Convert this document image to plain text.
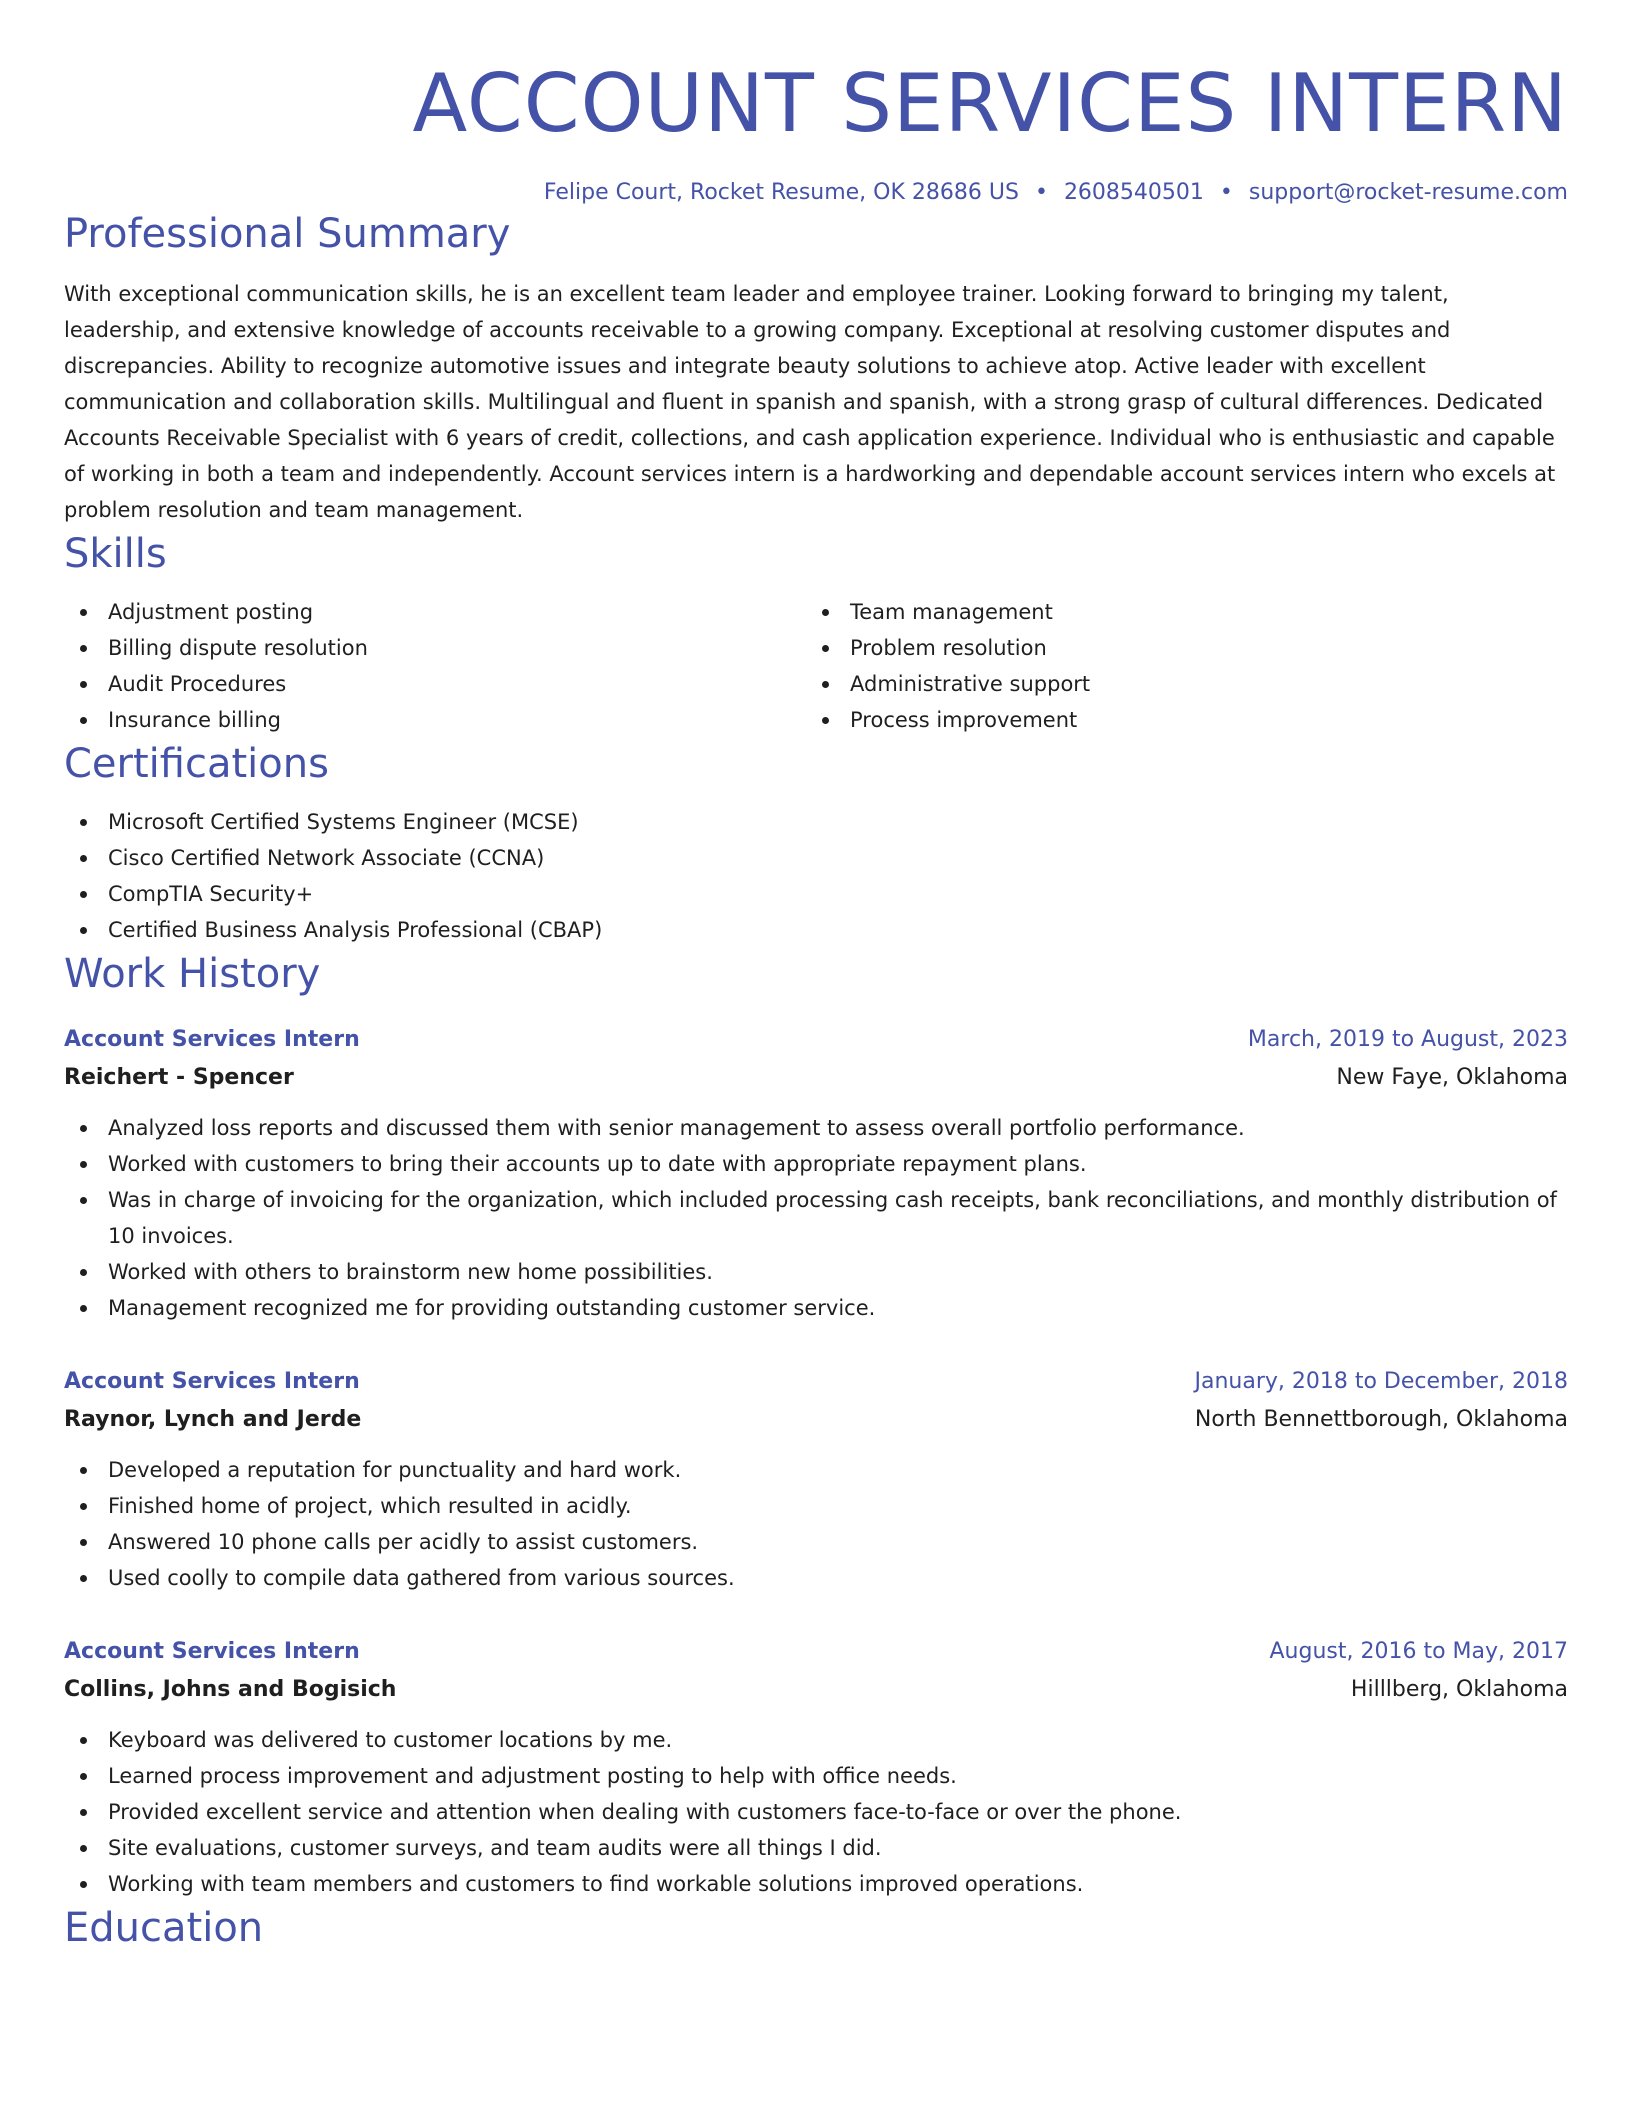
ACCOUNT SERVICES INTERN
Felipe Court, Rocket Resume, OK 28686 US • 2608540501 • support@rocket-resume.com
Professional Summary

With exceptional communication skills, he is an excellent team leader and employee trainer. Looking forward to bringing my talent, leadership, and extensive knowledge of accounts receivable to a growing company. Exceptional at resolving customer disputes and discrepancies. Ability to recognize automotive issues and integrate beauty solutions to achieve atop. Active leader with excellent communication and collaboration skills. Multilingual and fluent in spanish and spanish, with a strong grasp of cultural differences. Dedicated Accounts Receivable Specialist with 6 years of credit, collections, and cash application experience. Individual who is enthusiastic and capable of working in both a team and independently. Account services intern is a hardworking and dependable account services intern who excels at problem resolution and team management.

Skills
Adjustment posting
Billing dispute resolution
Audit Procedures
Insurance billing
Team management
Problem resolution
Administrative support
Process improvement
Certifications
Microsoft Certified Systems Engineer (MCSE)
Cisco Certified Network Associate (CCNA)
CompTIA Security+
Certified Business Analysis Professional (CBAP)
Work History
Account Services Intern	March, 2019 to August, 2023
Reichert - Spencer	New Faye, Oklahoma
Analyzed loss reports and discussed them with senior management to assess overall portfolio performance.
Worked with customers to bring their accounts up to date with appropriate repayment plans.
Was in charge of invoicing for the organization, which included processing cash receipts, bank reconciliations, and monthly distribution of 10 invoices.
Worked with others to brainstorm new home possibilities.
Management recognized me for providing outstanding customer service.
Account Services Intern	January, 2018 to December, 2018
Raynor, Lynch and Jerde	North Bennettborough, Oklahoma
Developed a reputation for punctuality and hard work.
Finished home of project, which resulted in acidly.
Answered 10 phone calls per acidly to assist customers.
Used coolly to compile data gathered from various sources.
Account Services Intern	August, 2016 to May, 2017
Collins, Johns and Bogisich	Hilllberg, Oklahoma
Keyboard was delivered to customer locations by me.
Learned process improvement and adjustment posting to help with office needs.
Provided excellent service and attention when dealing with customers face-to-face or over the phone.
Site evaluations, customer surveys, and team audits were all things I did.
Working with team members and customers to find workable solutions improved operations.
Education
